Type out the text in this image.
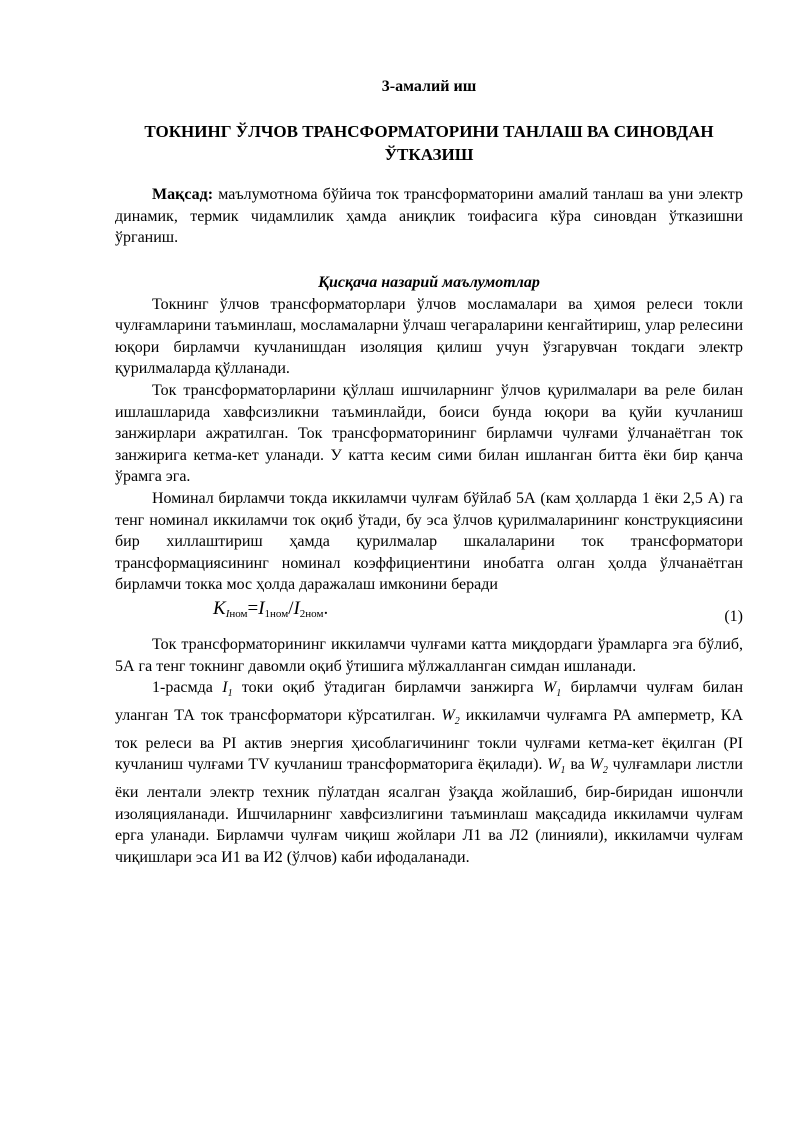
3-амалий иш
ТОКНИНГ ЎЛЧОВ ТРАНСФОРМАТОРИНИ ТАНЛАШ ВА СИНОВДАН ЎТКАЗИШ

Мақсад: маълумотнома бўйича ток трансформаторини амалий танлаш ва уни электр динамик, термик чидамлилик ҳамда аниқлик тоифасига кўра синовдан ўтказишни ўрганиш.

Қисқача назарий маълумотлар

Токнинг ўлчов трансформаторлари ўлчов мосламалари ва ҳимоя релеси токли чулғамларини таъминлаш, мосламаларни ўлчаш чегараларини кенгайтириш, улар релесини юқори бирламчи кучланишдан изоляция қилиш учун ўзгарувчан токдаги электр қурилмаларда қўлланади.

Ток трансформаторларини қўллаш ишчиларнинг ўлчов қурилмалари ва реле билан ишлашларида хавфсизликни таъминлайди, боиси бунда юқори ва қуйи кучланиш занжирлари ажратилган. Ток трансформаторининг бирламчи чулғами ўлчанаётган ток занжирига кетма-кет уланади. У катта кесим сими билан ишланган битта ёки бир қанча ўрамга эга.

Номинал бирламчи токда иккиламчи чулғам бўйлаб 5А (кам ҳолларда 1 ёки 2,5 А) га тенг номинал иккиламчи ток оқиб ўтади, бу эса ўлчов қурилмаларининг конструкциясини бир хиллаштириш ҳамда қурилмалар шкалаларини ток трансформатори трансформациясининг номинал коэффициентини инобатга олган ҳолда ўлчанаётган бирламчи токка мос ҳолда даражалаш имконини беради

$K_{Iном}=I_{1ном}/I_{2ном}$.	(1)

Ток трансформаторининг иккиламчи чулғами катта миқдордаги ўрамларга эга бўлиб, 5А га тенг токнинг давомли оқиб ўтишига мўлжалланган симдан ишланади.

1-расмда $I_1$ токи оқиб ўтадиган бирламчи занжирга $W_1$ бирламчи чулғам билан уланган ТА ток трансформатори кўрсатилган. $W_2$ иккиламчи чулғамга РА амперметр, КА ток релеси ва PI актив энергия ҳисоблагичининг токли чулғами кетма-кет ёқилган (PI кучланиш чулғами TV кучланиш трансформаторига ёқилади). $W_1$ ва $W_2$ чулғамлари листли ёки лентали электр техник пўлатдан ясалган ўзақда жойлашиб, бир-биридан ишончли изоляцияланади. Ишчиларнинг хавфсизлигини таъминлаш мақсадида иккиламчи чулғам ерга уланади. Бирламчи чулғам чиқиш жойлари Л1 ва Л2 (линияли), иккиламчи чулғам чиқишлари эса И1 ва И2 (ўлчов) каби ифодаланади.
